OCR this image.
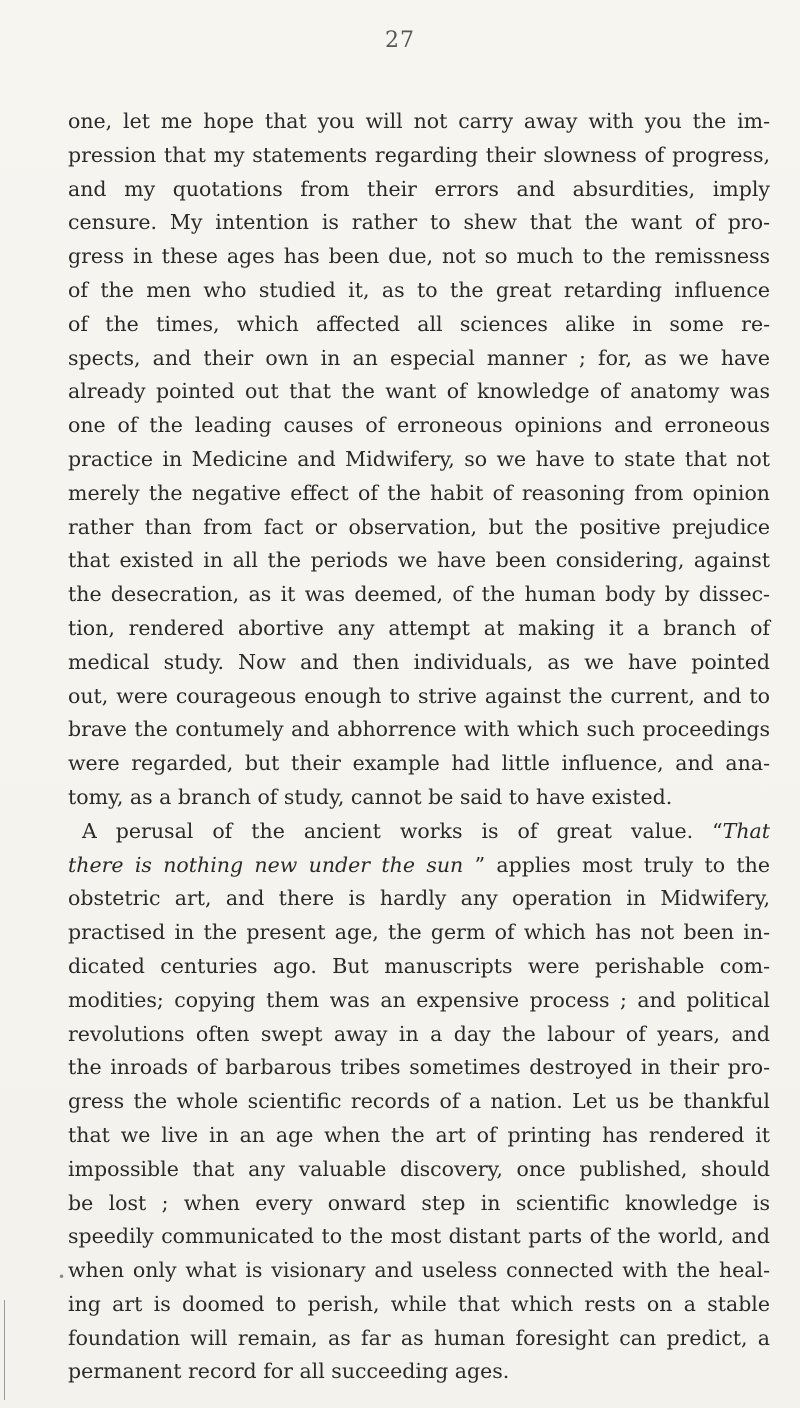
27
one, let me hope that you will not carry away with you the im-
pression that my statements regarding their slowness of progress,
and my quotations from their errors and absurdities, imply
censure. My intention is rather to shew that the want of pro-
gress in these ages has been due, not so much to the remissness
of the men who studied it, as to the great retarding influence
of the times, which affected all sciences alike in some re-
spects, and their own in an especial manner ; for, as we have
already pointed out that the want of knowledge of anatomy was
one of the leading causes of erroneous opinions and erroneous
practice in Medicine and Midwifery, so we have to state that not
merely the negative effect of the habit of reasoning from opinion
rather than from fact or observation, but the positive prejudice
that existed in all the periods we have been considering, against
the desecration, as it was deemed, of the human body by dissec-
tion, rendered abortive any attempt at making it a branch of
medical study. Now and then individuals, as we have pointed
out, were courageous enough to strive against the current, and to
brave the contumely and abhorrence with which such proceedings
were regarded, but their example had little influence, and ana-
tomy, as a branch of study, cannot be said to have existed.
A perusal of the ancient works is of great value. “That
there is nothing new under the sun ” applies most truly to the
obstetric art, and there is hardly any operation in Midwifery,
practised in the present age, the germ of which has not been in-
dicated centuries ago. But manuscripts were perishable com-
modities; copying them was an expensive process ; and political
revolutions often swept away in a day the labour of years, and
the inroads of barbarous tribes sometimes destroyed in their pro-
gress the whole scientific records of a nation. Let us be thankful
that we live in an age when the art of printing has rendered it
impossible that any valuable discovery, once published, should
be lost ; when every onward step in scientific knowledge is
speedily communicated to the most distant parts of the world, and
when only what is visionary and useless connected with the heal-
ing art is doomed to perish, while that which rests on a stable
foundation will remain, as far as human foresight can predict, a
permanent record for all succeeding ages.
•
